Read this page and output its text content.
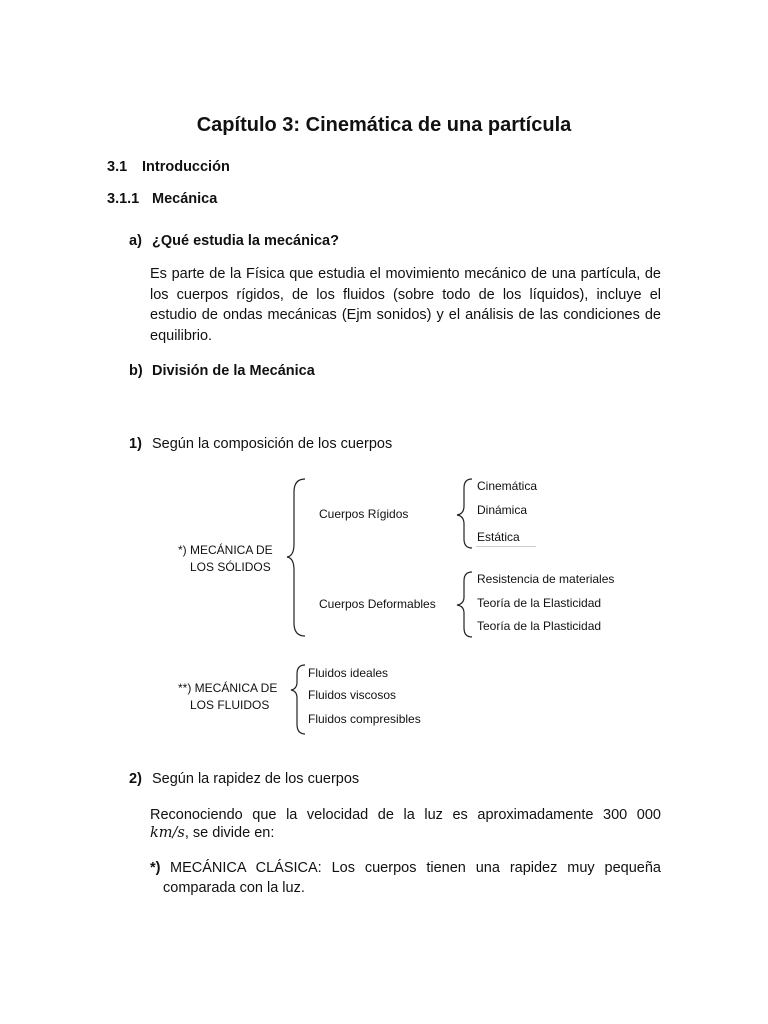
Capítulo 3: Cinemática de una partícula
3.1 Introducción
3.1.1 Mecánica
a) ¿Qué estudia la mecánica?
Es parte de la Física que estudia el movimiento mecánico de una partícula, de los cuerpos rígidos, de los fluidos (sobre todo de los líquidos), incluye el estudio de ondas mecánicas (Ejm sonidos) y el análisis de las condiciones de equilibrio.
b) División de la Mecánica
1) Según la composición de los cuerpos
*) MECÁNICA DE
LOS SÓLIDOS
Cuerpos Rígidos
Cinemática
Dinámica
Estática
Cuerpos Deformables
Resistencia de materiales
Teoría de la Elasticidad
Teoría de la Plasticidad
**) MECÁNICA DE
LOS FLUIDOS
Fluidos ideales
Fluidos viscosos
Fluidos compresibles
2) Según la rapidez de los cuerpos
Reconociendo que la velocidad de la luz es aproximadamente 300 000
km/s, se divide en:
*) MECÁNICA CLÁSICA: Los cuerpos tienen una rapidez muy pequeña
comparada con la luz.
